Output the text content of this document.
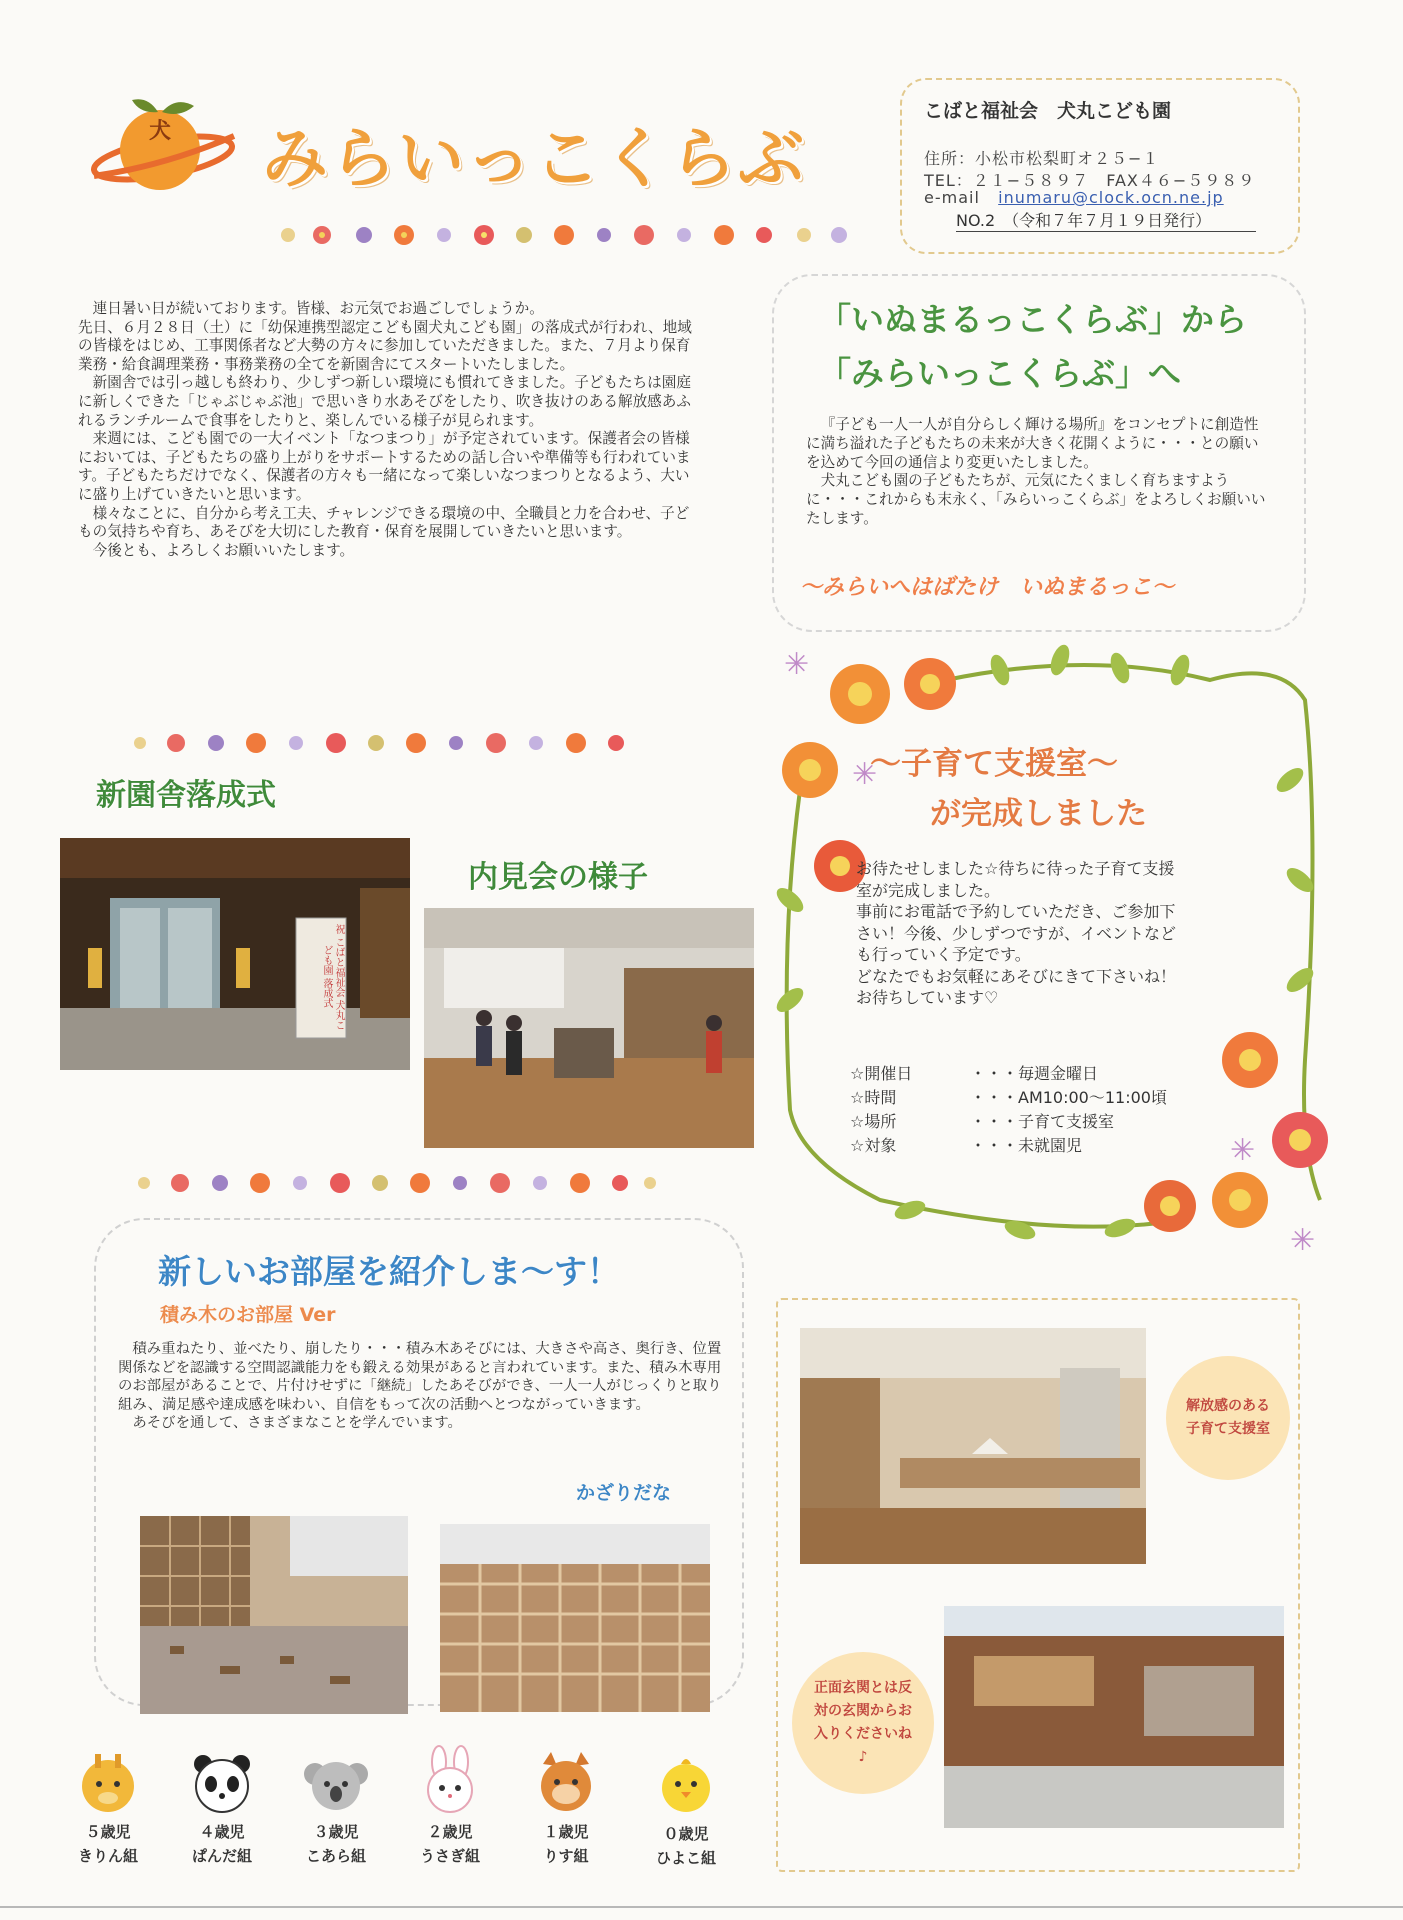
犬 みらいっこくらぶ
こばと福祉会　犬丸こども園
住所：小松市松梨町オ２５−１
TEL：２１−５８９７　FAX４６−５９８９
e-mail inumaru@clock.ocn.ne.jp
NO.2　（令和７年７月１９日発行）

連日暑い日が続いております。皆様、お元気でお過ごしでしょうか。

先日、６月２８日（土）に「幼保連携型認定こども園犬丸こども園」の落成式が行われ、地域の皆様をはじめ、工事関係者など大勢の方々に参加していただきました。また、７月より保育業務・給食調理業務・事務業務の全てを新園舎にてスタートいたしました。

新園舎では引っ越しも終わり、少しずつ新しい環境にも慣れてきました。子どもたちは園庭に新しくできた「じゃぶじゃぶ池」で思いきり水あそびをしたり、吹き抜けのある解放感あふれるランチルームで食事をしたりと、楽しんでいる様子が見られます。

来週には、こども園での一大イベント「なつまつり」が予定されています。保護者会の皆様においては、子どもたちの盛り上がりをサポートするための話し合いや準備等も行われています。子どもたちだけでなく、保護者の方々も一緒になって楽しいなつまつりとなるよう、大いに盛り上げていきたいと思います。

様々なことに、自分から考え工夫、チャレンジできる環境の中、全職員と力を合わせ、子どもの気持ちや育ち、あそびを大切にした教育・保育を展開していきたいと思います。

今後とも、よろしくお願いいたします。

「いぬまるっこくらぶ」から
「みらいっこくらぶ」へ

『子ども一人一人が自分らしく輝ける場所』をコンセプトに創造性に満ち溢れた子どもたちの未来が大きく花開くように・・・との願いを込めて今回の通信より変更いたしました。

犬丸こども園の子どもたちが、元気にたくましく育ちますように・・・これからも末永く、「みらいっこくらぶ」をよろしくお願いいたします。

～みらいへはばたけ　いぬまるっこ～
新園舎落成式
内見会の様子
祝 こばと福祉会 犬丸こども園 落成式
✳
✳
✳
✳
～子育て支援室～
が完成しました

お待たせしました☆待ちに待った子育て支援

室が完成しました。

事前にお電話で予約していただき、ご参加下

さい！今後、少しずつですが、イベントなど

も行っていく予定です。

どなたでもお気軽にあそびにきて下さいね！

お待ちしています♡

☆開催日	・・・毎週金曜日
☆時間	・・・AM10:00～11:00頃
☆場所	・・・子育て支援室
☆対象	・・・未就園児
新しいお部屋を紹介しま～す！
積み木のお部屋 Ver

積み重ねたり、並べたり、崩したり・・・積み木あそびには、大きさや高さ、奥行き、位置関係などを認識する空間認識能力をも鍛える効果があると言われています。また、積み木専用のお部屋があることで、片付けせずに「継続」したあそびができ、一人一人がじっくりと取り組み、満足感や達成感を味わい、自信をもって次の活動へとつながっていきます。

あそびを通して、さまざまなことを学んでいます。

かざりだな
解放感のある子育て支援室
正面玄関とは反対の玄関からお入りくださいね♪
５歳児
きりん組
４歳児
ぱんだ組
３歳児
こあら組
２歳児
うさぎ組
１歳児
りす組
０歳児
ひよこ組
